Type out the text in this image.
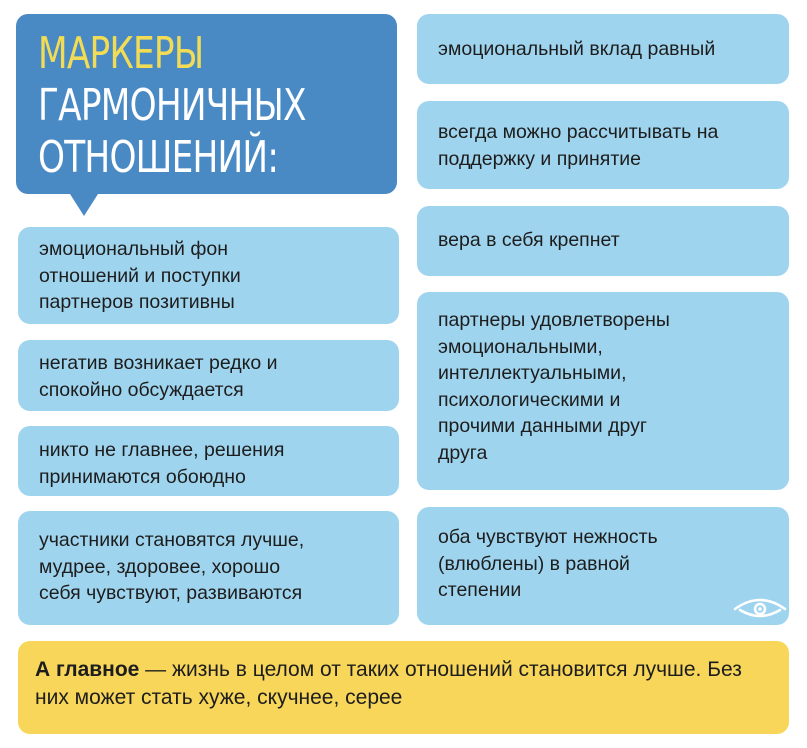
МАРКЕРЫ
ГАРМОНИЧНЫХ
ОТНОШЕНИЙ:
эмоциональный фон
отношений и поступки
партнеров позитивны
негатив возникает редко и
спокойно обсуждается
никто не главнее, решения
принимаются обоюдно
участники становятся лучше,
мудрее, здоровее, хорошо
себя чувствуют, развиваются
эмоциональный вклад равный
всегда можно рассчитывать на
поддержку и принятие
вера в себя крепнет
партнеры удовлетворены
эмоциональными,
интеллектуальными,
психологическими и
прочими данными друг
друга
оба чувствуют нежность
(влюблены) в равной
степении
А главное — жизнь в целом от таких отношений становится лучше. Без них может стать хуже, скучнее, серее
